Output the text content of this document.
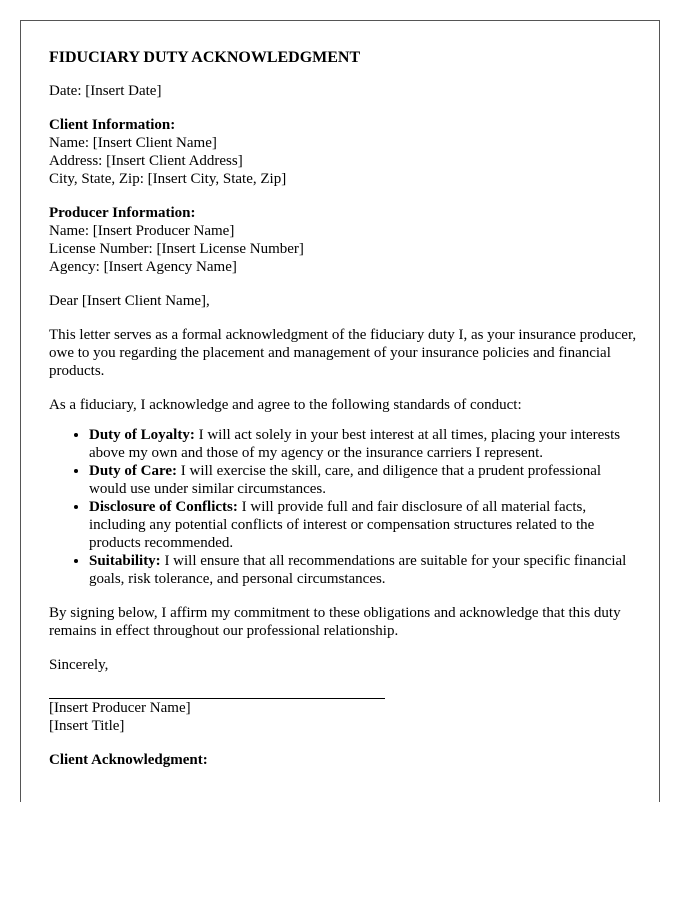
FIDUCIARY DUTY ACKNOWLEDGMENT
Date: [Insert Date]
Client Information:
Name: [Insert Client Name]
Address: [Insert Client Address]
City, State, Zip: [Insert City, State, Zip]
Producer Information:
Name: [Insert Producer Name]
License Number: [Insert License Number]
Agency: [Insert Agency Name]
Dear [Insert Client Name],
This letter serves as a formal acknowledgment of the fiduciary duty I, as your insurance producer, owe to you regarding the placement and management of your insurance policies and financial products.
As a fiduciary, I acknowledge and agree to the following standards of conduct:
• Duty of Loyalty: I will act solely in your best interest at all times, placing your interests above my own and those of my agency or the insurance carriers I represent.
• Duty of Care: I will exercise the skill, care, and diligence that a prudent professional would use under similar circumstances.
• Disclosure of Conflicts: I will provide full and fair disclosure of all material facts, including any potential conflicts of interest or compensation structures related to the products recommended.
• Suitability: I will ensure that all recommendations are suitable for your specific financial goals, risk tolerance, and personal circumstances.
By signing below, I affirm my commitment to these obligations and acknowledge that this duty remains in effect throughout our professional relationship.
Sincerely,
[Insert Producer Name]
[Insert Title]
Client Acknowledgment:
